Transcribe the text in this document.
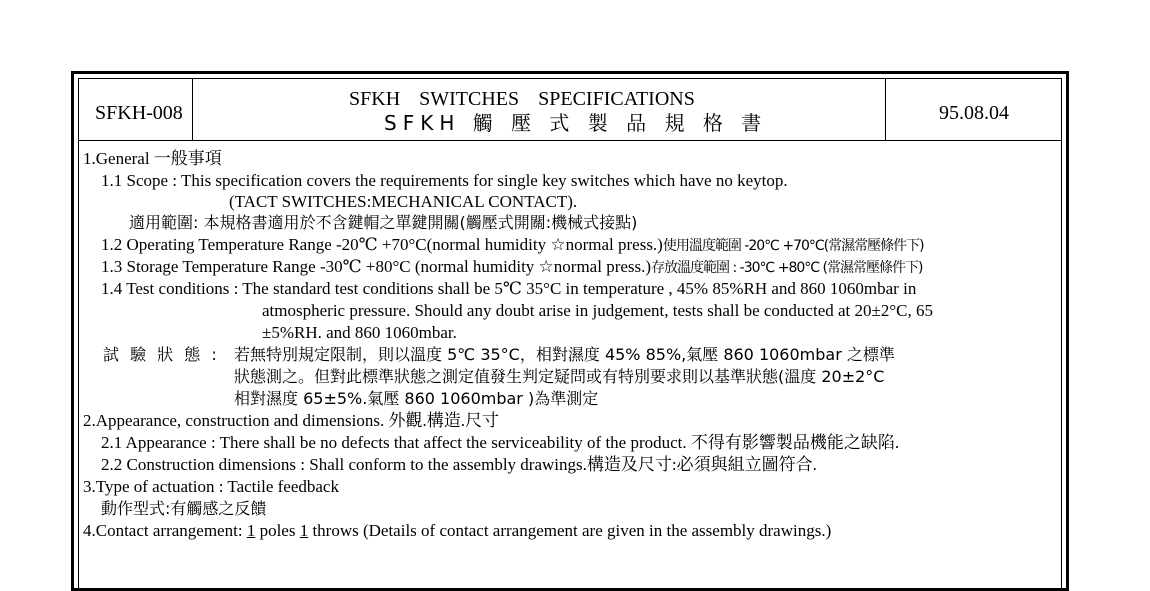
SFKH-008
SFKH SWITCHES SPECIFICATIONS
SFKH 觸 壓 式 製 品 規 格 書	95.08.04
1.General 一般事項
1.1 Scope : This specification covers the requirements for single key switches which have no keytop.
(TACT SWITCHES:MECHANICAL CONTACT).
適用範圍: 本規格書適用於不含鍵帽之單鍵開關(觸壓式開關:機械式接點)
1.2 Operating Temperature Range -20℃ +70°C(normal humidity ☆normal press.)使用溫度範圍 -20℃ +70°C(常濕常壓條件下)
1.3 Storage Temperature Range -30℃ +80°C (normal humidity ☆normal press.)存放溫度範圍 : -30℃ +80°C (常濕常壓條件下)
1.4 Test conditions : The standard test conditions shall be 5℃ 35°C in temperature , 45% 85%RH and 860 1060mbar in
atmospheric pressure. Should any doubt arise in judgement, tests shall be conducted at 20±2°C, 65
±5%RH. and 860 1060mbar.
試 驗 狀 態 : 若無特別規定限制，則以溫度 5℃ 35°C，相對濕度 45% 85%,氣壓 860 1060mbar 之標準
狀態測之。但對此標準狀態之測定值發生判定疑問或有特別要求則以基準狀態(溫度 20±2°C
相對濕度 65±5%.氣壓 860 1060mbar )為準測定
2.Appearance, construction and dimensions. 外觀.構造.尺寸
2.1 Appearance : There shall be no defects that affect the serviceability of the product. 不得有影響製品機能之缺陷.
2.2 Construction dimensions : Shall conform to the assembly drawings.構造及尺寸:必須與組立圖符合.
3.Type of actuation : Tactile feedback
動作型式:有觸感之反饋
4.Contact arrangement: 1 poles 1 throws (Details of contact arrangement are given in the assembly drawings.)
